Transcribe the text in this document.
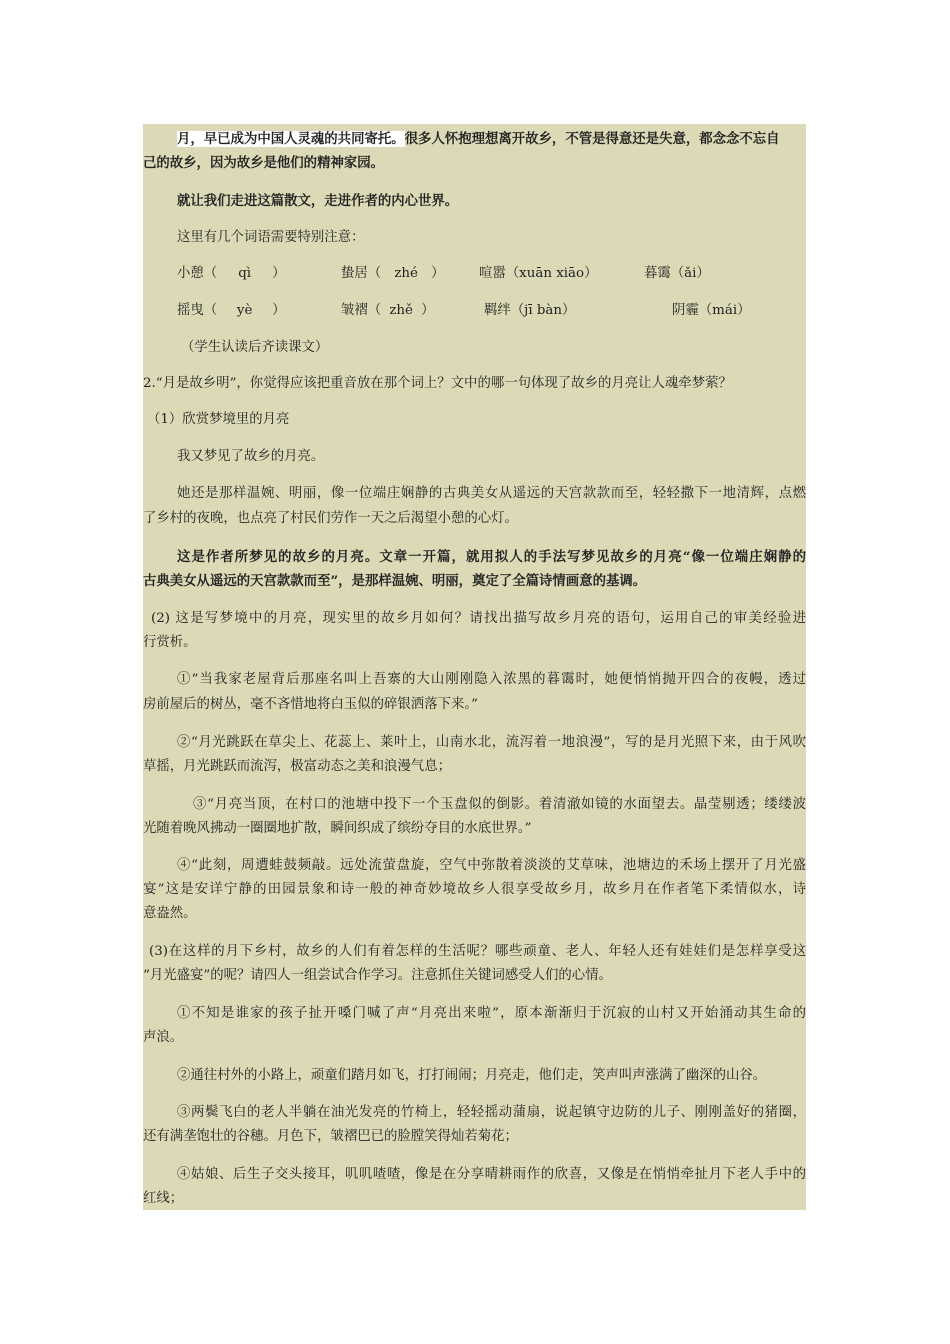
月，早已成为中国人灵魂的共同寄托。很多人怀抱理想离开故乡，不管是得意还是失意，都念念不忘自
己的故乡，因为故乡是他们的精神家园。
就让我们走进这篇散文，走进作者的内心世界。
这里有几个词语需要特别注意：
小憩（ qì ）	蛰居（ zhé ）	喧嚣（xuān xiāo）	暮霭（ǎi）
摇曳（ yè ）	皱褶（ zhě ）	羁绊（jī bàn）	阴霾（mái）
（学生认读后齐读课文）
2.“月是故乡明”，你觉得应该把重音放在那个词上？文中的哪一句体现了故乡的月亮让人魂牵梦萦？
（1）欣赏梦境里的月亮
我又梦见了故乡的月亮。
她还是那样温婉、明丽，像一位端庄娴静的古典美女从遥远的天宫款款而至，轻轻撒下一地清辉，点燃
了乡村的夜晚，也点亮了村民们劳作一天之后渴望小憩的心灯。
这是作者所梦见的故乡的月亮。文章一开篇，就用拟人的手法写梦见故乡的月亮“像一位端庄娴静的
古典美女从遥远的天宫款款而至”，是那样温婉、明丽，奠定了全篇诗情画意的基调。
(2) 这是写梦境中的月亮，现实里的故乡月如何？请找出描写故乡月亮的语句，运用自己的审美经验进
行赏析。
①“当我家老屋背后那座名叫上吾寨的大山刚刚隐入浓黑的暮霭时，她便悄悄抛开四合的夜幔，透过
房前屋后的树丛，毫不吝惜地将白玉似的碎银洒落下来。”
②“月光跳跃在草尖上、花蕊上、莱叶上，山南水北，流泻着一地浪漫”，写的是月光照下来，由于风吹
草摇，月光跳跃而流泻，极富动态之美和浪漫气息；
③“月亮当顶，在村口的池塘中投下一个玉盘似的倒影。着清澈如镜的水面望去。晶莹剔透；缕缕波
光随着晚风拂动一圈圈地扩散，瞬间织成了缤纷夺目的水底世界。”
④“此刻，周遭蛙鼓频敲。远处流萤盘旋，空气中弥散着淡淡的艾草味，池塘边的禾场上摆开了月光盛
宴”这是安详宁静的田园景象和诗一般的神奇妙境故乡人很享受故乡月，故乡月在作者笔下柔情似水，诗
意盎然。
(3)在这样的月下乡村，故乡的人们有着怎样的生活呢？哪些顽童、老人、年轻人还有娃娃们是怎样享受这
“月光盛宴”的呢？请四人一组尝试合作学习。注意抓住关键词感受人们的心情。
①不知是谁家的孩子扯开嗓门喊了声“月亮出来啦”，原本渐渐归于沉寂的山村又开始涌动其生命的
声浪。
②通往村外的小路上，顽童们踏月如飞，打打闹闹；月亮走，他们走，笑声叫声涨满了幽深的山谷。
③两鬓飞白的老人半躺在油光发亮的竹椅上，轻轻摇动蒲扇，说起镇守边防的儿子、刚刚盖好的猪圈，
还有满垄饱壮的谷穗。月色下，皱褶巴已的脸膛笑得灿若菊花；
④姑娘、后生子交头接耳，叽叽喳喳，像是在分享晴耕雨作的欣喜，又像是在悄悄牵扯月下老人手中的
红线；
